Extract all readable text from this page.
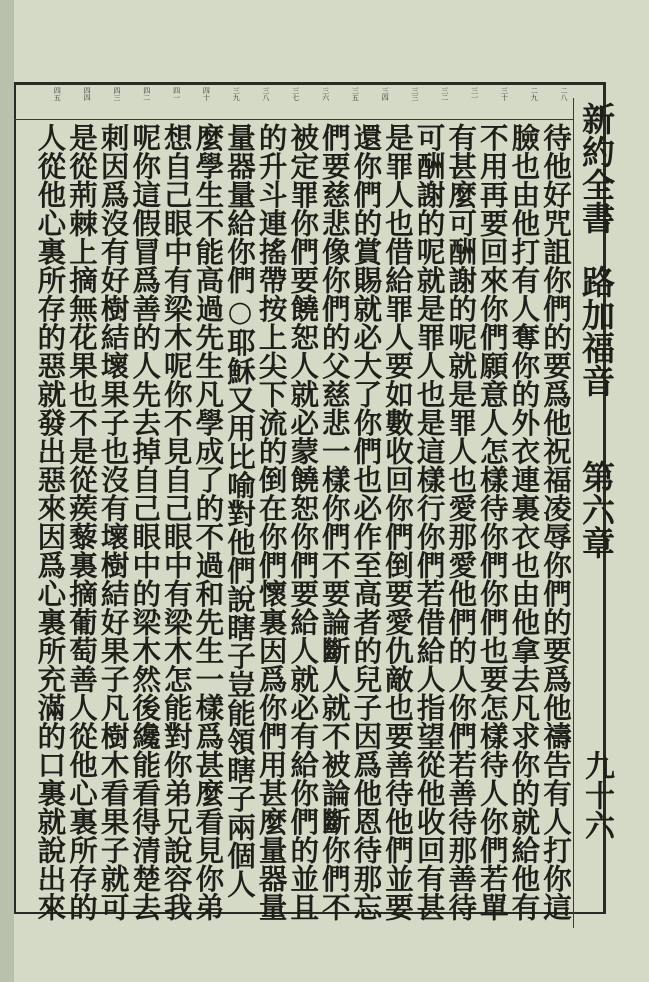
新約全書
路加福音
第六章
九十六
二八
二九
三十
三一
三二
三三
三四
三五
三六
三七
三八
三九
四十
四一
四二
四三
四四
四五
待他好咒詛你們的要爲他祝福凌辱你們的要爲他禱告有人打你這
臉也由他打有人奪你的外衣連裏衣也由他拿去凡求你的就給他有
不用再要回來你們願意人怎樣待你們你們也要怎樣待人你們若單
有甚麼可酬謝的呢就是罪人也愛那愛他們的人你們若善待那善待
可酬謝的呢就是罪人也是這樣行你們若借給人指望從他收回有甚
是罪人也借給罪人要如數收回你們倒要愛仇敵也要善待他們並要
還你們的賞賜就必大了你們也必作至高者的兒子因爲他恩待那忘
們要慈悲像你們的父慈悲一樣你們不要論斷人就不被論斷你們不
被定罪你們要饒恕人就必蒙饒恕你們要給人就必有給你們的並且
的升斗連搖帶按上尖下流的倒在你們懷裏因爲你們用甚麼量器量
量器量給你們○耶穌又用比喻對他們說瞎子豈能領瞎子兩個人
麼學生不能高過先生凡學成了的不過和先生一樣爲甚麼看見你弟
想自己眼中有梁木呢你不見自己眼中有梁木怎能對你弟兄說容我
呢你這假冒爲善的人先去掉自己眼中的梁木然後纔能看得清楚去
刺因爲沒有好樹結壞果子也沒有壞樹結好果子凡樹木看果子就可
是從荊棘上摘無花果也不是從蒺藜裏摘葡萄善人從他心裏所存的
人從他心裏所存的惡就發出惡來因爲心裏所充滿的口裏就說出來
